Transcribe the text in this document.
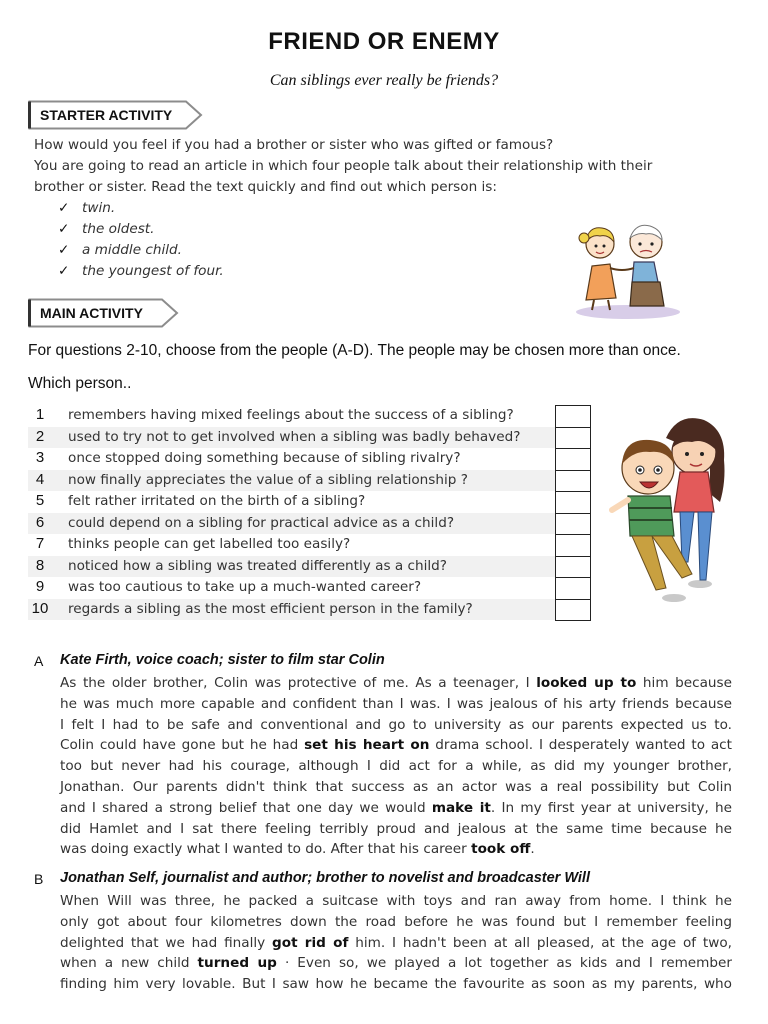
FRIEND OR ENEMY
Can siblings ever really be friends?
STARTER ACTIVITY

How would you feel if you had a brother or sister who was gifted or famous?

You are going to read an article in which four people talk about their relationship with their

brother or sister. Read the text quickly and find out which person is:

✓ twin.
✓ the oldest.
✓ a middle child.
✓ the youngest of four.
MAIN ACTIVITY
For questions 2-10, choose from the people (A-D). The people may be chosen more than once.
Which person..
1	remembers having mixed feelings about the success of a sibling?
2	used to try not to get involved when a sibling was badly behaved?
3	once stopped doing something because of sibling rivalry?
4	now finally appreciates the value of a sibling relationship ?
5	felt rather irritated on the birth of a sibling?
6	could depend on a sibling for practical advice as a child?
7	thinks people can get labelled too easily?
8	noticed how a sibling was treated differently as a child?
9	was too cautious to take up a much-wanted career?
10 regards a sibling as the most efficient person in the family?
A Kate Firth, voice coach; sister to film star Colin
As the older brother, Colin was protective of me. As a teenager, I looked up to him because
he was much more capable and confident than I was. I was jealous of his arty friends because
I felt I had to be safe and conventional and go to university as our parents expected us to.
Colin could have gone but he had set his heart on drama school. I desperately wanted to act
too but never had his courage, although I did act for a while, as did my younger brother,
Jonathan. Our parents didn't think that success as an actor was a real possibility but Colin
and I shared a strong belief that one day we would make it. In my first year at university, he
did Hamlet and I sat there feeling terribly proud and jealous at the same time because he
was doing exactly what I wanted to do. After that his career took off.
B Jonathan Self, journalist and author; brother to novelist and broadcaster Will
When Will was three, he packed a suitcase with toys and ran away from home. I think he
only got about four kilometres down the road before he was found but I remember feeling
delighted that we had finally got rid of him. I hadn't been at all pleased, at the age of two,
when a new child turned up · Even so, we played a lot together as kids and I remember
finding him very lovable. But I saw how he became the favourite as soon as my parents, who
